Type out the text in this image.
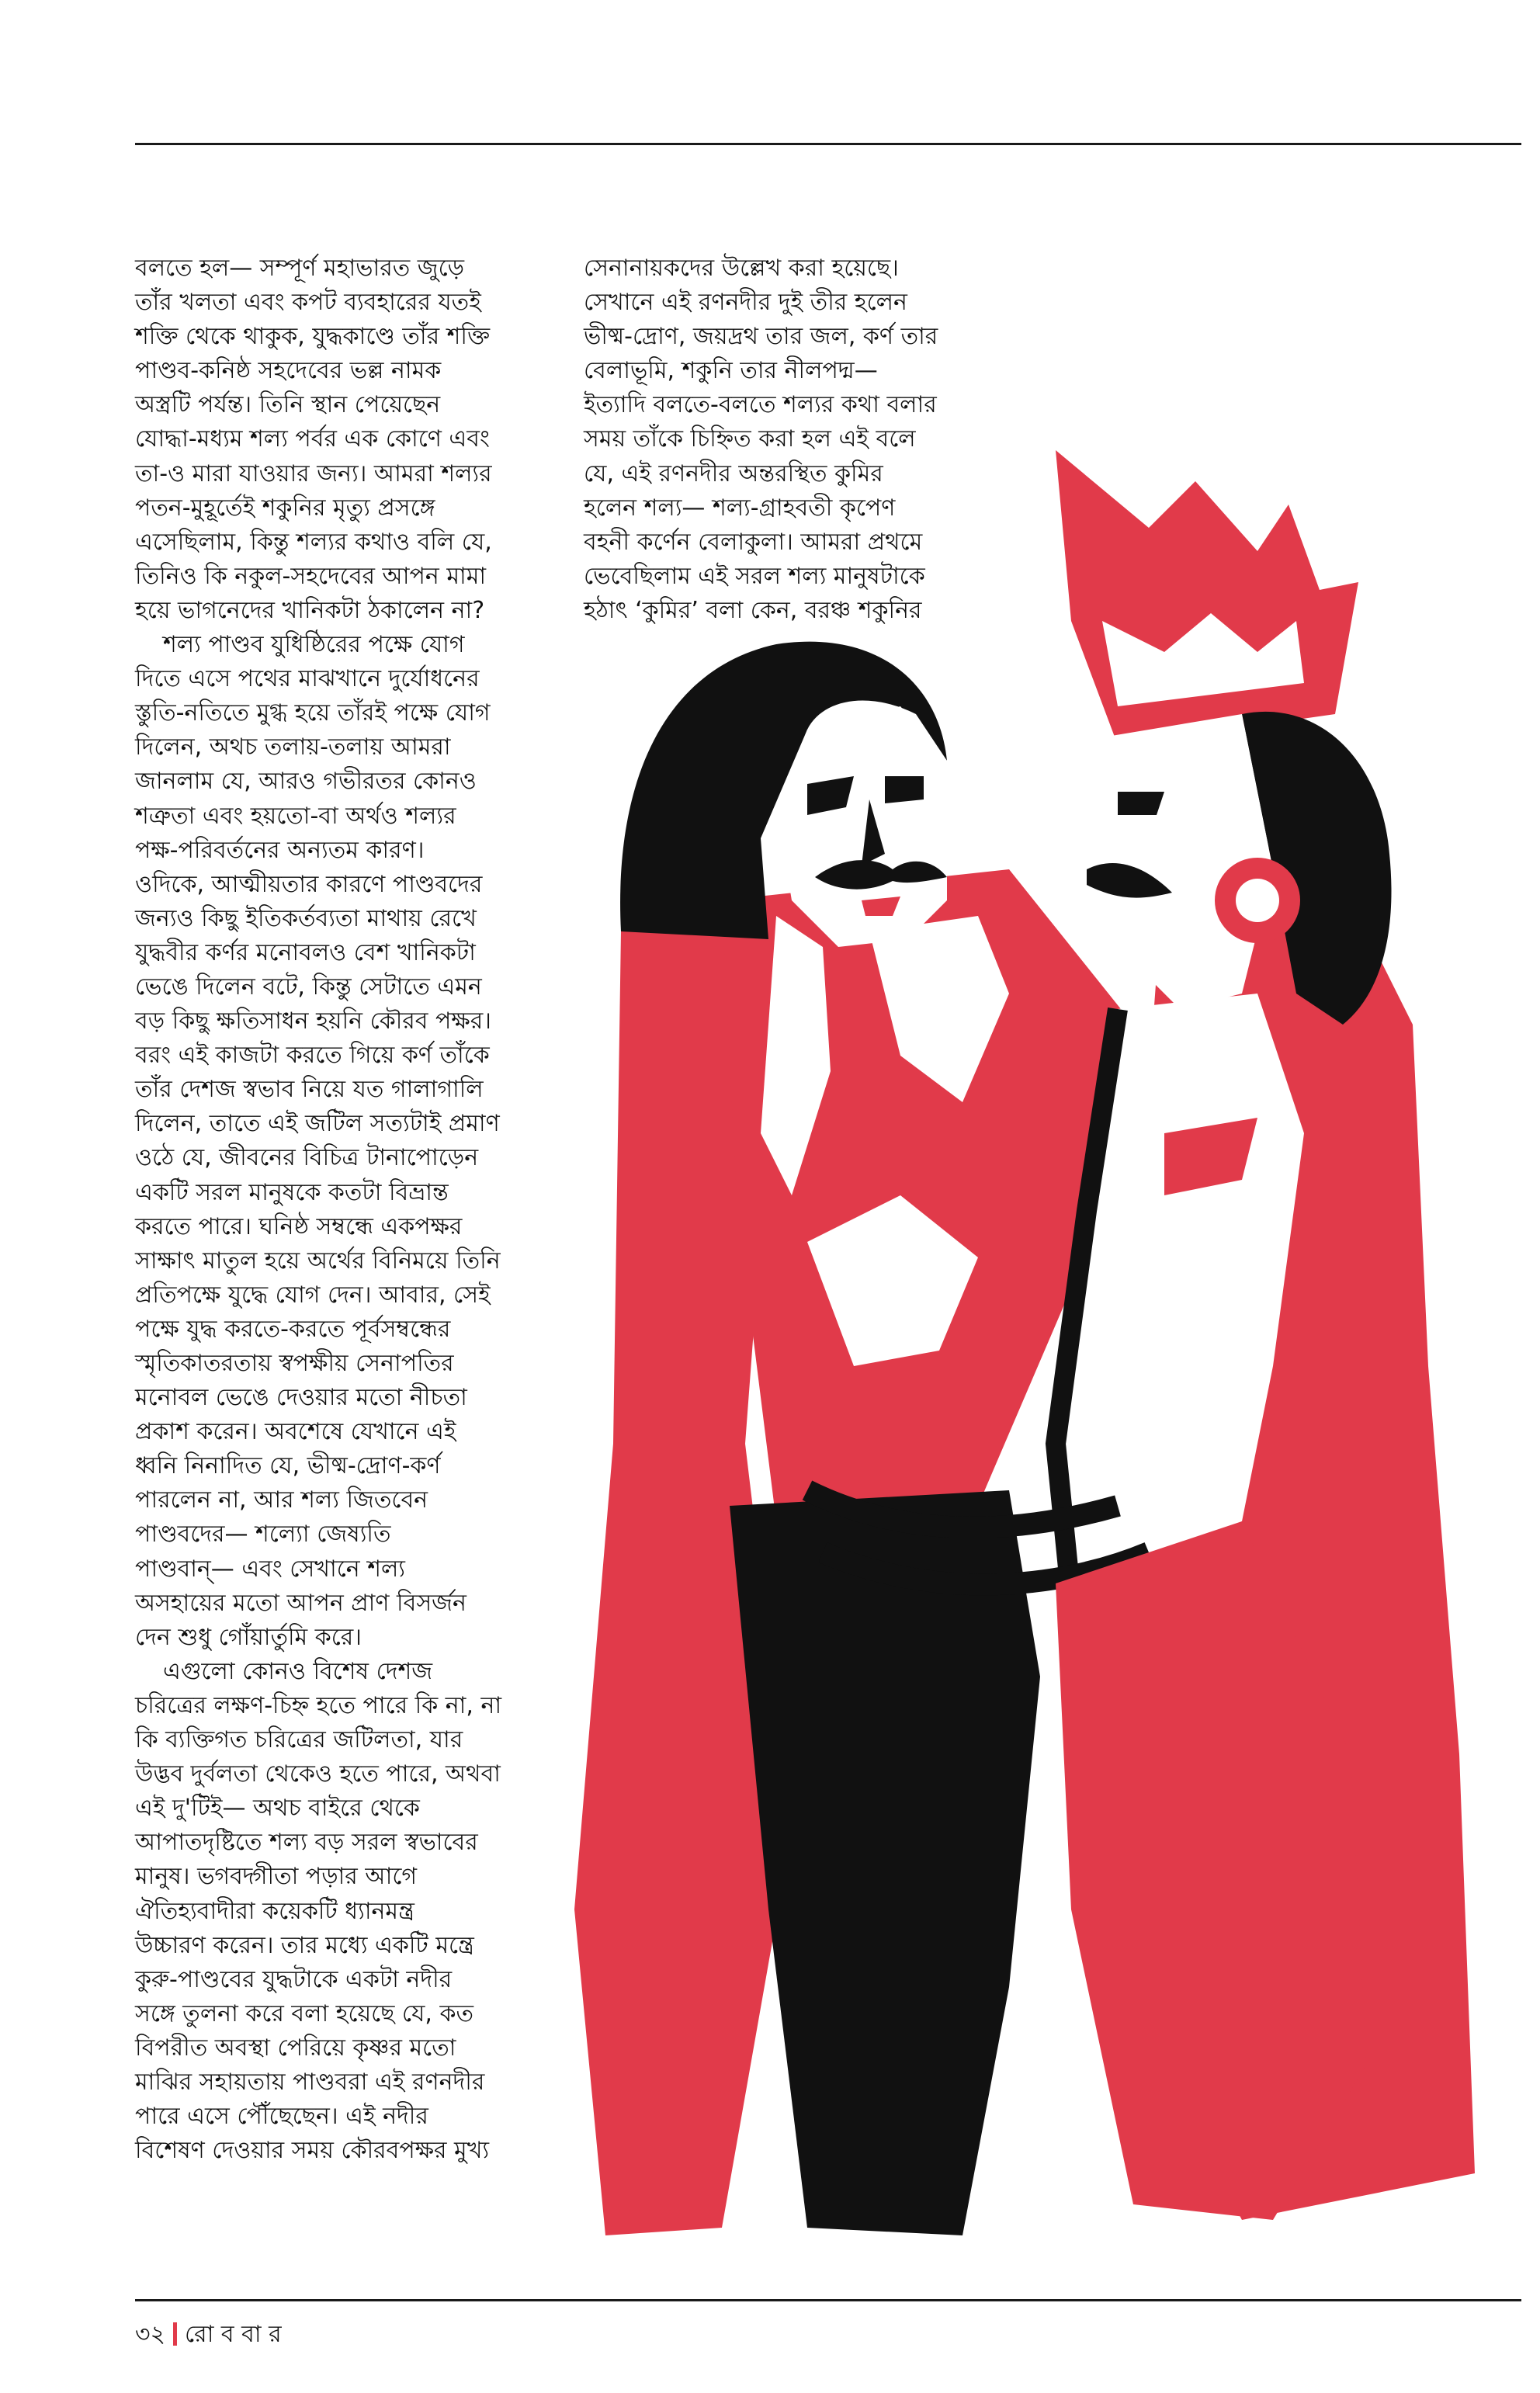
বলতে হল— সম্পূর্ণ মহাভারত জুড়ে
তাঁর খলতা এবং কপট ব্যবহারের যতই
শক্তি থেকে থাকুক, যুদ্ধকাণ্ডে তাঁর শক্তি
পাণ্ডব-কনিষ্ঠ সহদেবের ভল্ল নামক
অস্ত্রটি পর্যন্ত। তিনি স্থান পেয়েছেন
যোদ্ধা-মধ্যম শল্য পর্বর এক কোণে এবং
তা-ও মারা যাওয়ার জন্য। আমরা শল্যর
পতন-মুহূর্তেই শকুনির মৃত্যু প্রসঙ্গে
এসেছিলাম, কিন্তু শল্যর কথাও বলি যে,
তিনিও কি নকুল-সহদেবের আপন মামা
হয়ে ভাগনেদের খানিকটা ঠকালেন না?

শল্য পাণ্ডব যুধিষ্ঠিরের পক্ষে যোগ
দিতে এসে পথের মাঝখানে দুর্যোধনের
স্তুতি-নতিতে মুগ্ধ হয়ে তাঁরই পক্ষে যোগ
দিলেন, অথচ তলায়-তলায় আমরা
জানলাম যে, আরও গভীরতর কোনও
শত্রুতা এবং হয়তো-বা অর্থও শল্যর
পক্ষ-পরিবর্তনের অন্যতম কারণ।
ওদিকে, আত্মীয়তার কারণে পাণ্ডবদের
জন্যও কিছু ইতিকর্তব্যতা মাথায় রেখে
যুদ্ধবীর কর্ণর মনোবলও বেশ খানিকটা
ভেঙে দিলেন বটে, কিন্তু সেটাতে এমন
বড় কিছু ক্ষতিসাধন হয়নি কৌরব পক্ষর।
বরং এই কাজটা করতে গিয়ে কর্ণ তাঁকে
তাঁর দেশজ স্বভাব নিয়ে যত গালাগালি
দিলেন, তাতে এই জটিল সত্যটাই প্রমাণ
ওঠে যে, জীবনের বিচিত্র টানাপোড়েন
একটি সরল মানুষকে কতটা বিভ্রান্ত
করতে পারে। ঘনিষ্ঠ সম্বন্ধে একপক্ষর
সাক্ষাৎ মাতুল হয়ে অর্থের বিনিময়ে তিনি
প্রতিপক্ষে যুদ্ধে যোগ দেন। আবার, সেই
পক্ষে যুদ্ধ করতে-করতে পূর্বসম্বন্ধের
স্মৃতিকাতরতায় স্বপক্ষীয় সেনাপতির
মনোবল ভেঙে দেওয়ার মতো নীচতা
প্রকাশ করেন। অবশেষে যেখানে এই
ধ্বনি নিনাদিত যে, ভীষ্ম-দ্রোণ-কর্ণ
পারলেন না, আর শল্য জিতবেন
পাণ্ডবদের— শল্যো জেষ্যতি
পাণ্ডবান্— এবং সেখানে শল্য
অসহায়ের মতো আপন প্রাণ বিসর্জন
দেন শুধু গোঁয়ার্তুমি করে।

এগুলো কোনও বিশেষ দেশজ
চরিত্রের লক্ষণ-চিহ্ন হতে পারে কি না, না
কি ব্যক্তিগত চরিত্রের জটিলতা, যার
উদ্ভব দুর্বলতা থেকেও হতে পারে, অথবা
এই দু'টিই— অথচ বাইরে থেকে
আপাতদৃষ্টিতে শল্য বড় সরল স্বভাবের
মানুষ। ভগবদ্গীতা পড়ার আগে
ঐতিহ্যবাদীরা কয়েকটি ধ্যানমন্ত্র
উচ্চারণ করেন। তার মধ্যে একটি মন্ত্রে
কুরু-পাণ্ডবের যুদ্ধটাকে একটা নদীর
সঙ্গে তুলনা করে বলা হয়েছে যে, কত
বিপরীত অবস্থা পেরিয়ে কৃষ্ণর মতো
মাঝির সহায়তায় পাণ্ডবরা এই রণনদীর
পারে এসে পৌঁছেছেন। এই নদীর
বিশেষণ দেওয়ার সময় কৌরবপক্ষর মুখ্য

সেনানায়কদের উল্লেখ করা হয়েছে।
সেখানে এই রণনদীর দুই তীর হলেন
ভীষ্ম-দ্রোণ, জয়দ্রথ তার জল, কর্ণ তার
বেলাভূমি, শকুনি তার নীলপদ্ম—
ইত্যাদি বলতে-বলতে শল্যর কথা বলার
সময় তাঁকে চিহ্নিত করা হল এই বলে
যে, এই রণনদীর অন্তরস্থিত কুমির
হলেন শল্য— শল্য-গ্রাহবতী কৃপেণ
বহনী কর্ণেন বেলাকুলা। আমরা প্রথমে
ভেবেছিলাম এই সরল শল্য মানুষটাকে
হঠাৎ ‘কুমির’ বলা কেন, বরঞ্চ শকুনির

৩২ রো ব বা র
